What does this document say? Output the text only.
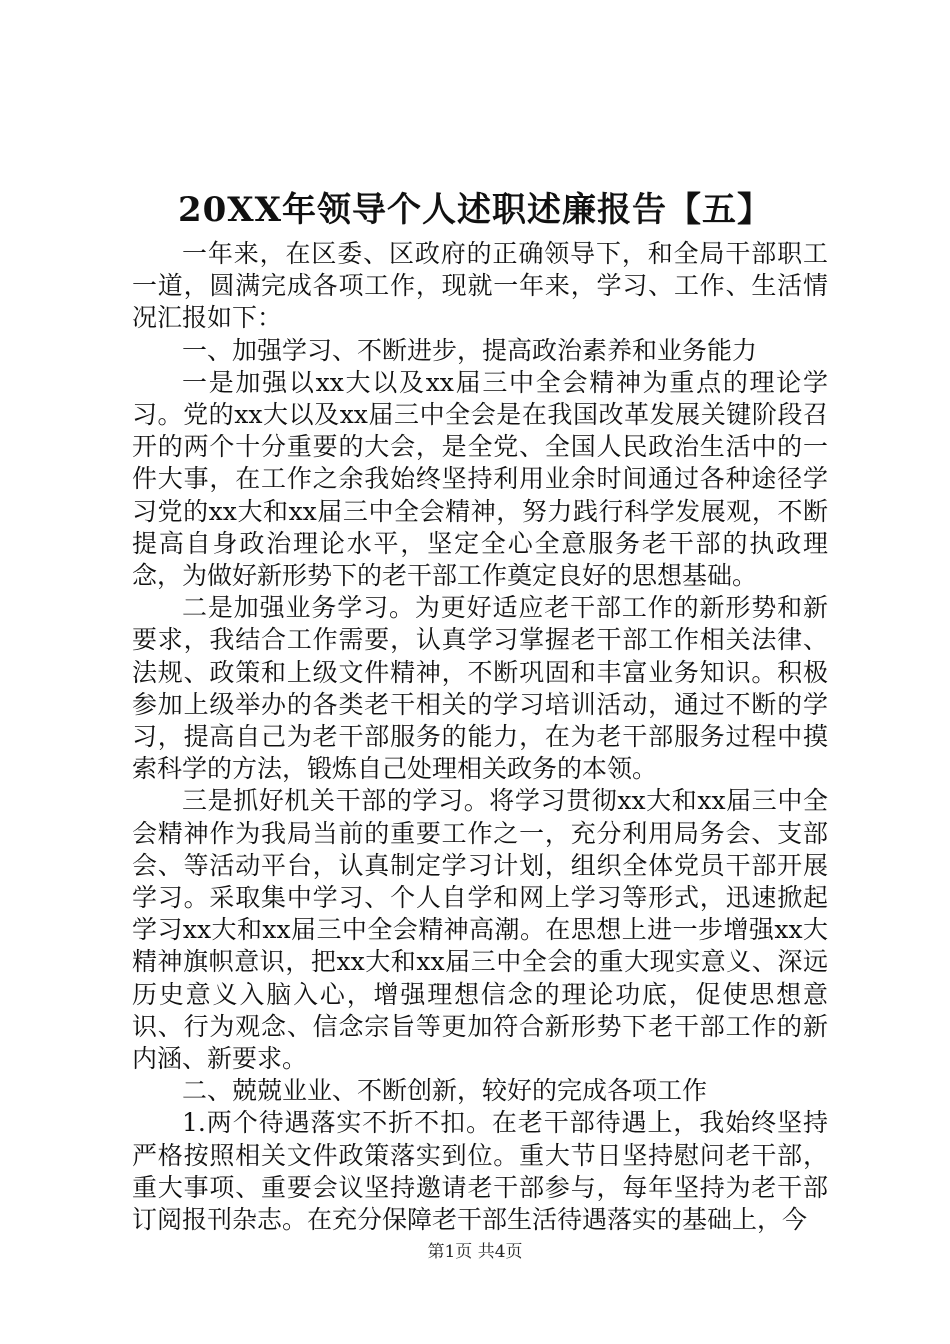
20XX年领导个人述职述廉报告【五】

一年来，在区委、区政府的正确领导下，和全局干部职工一道，圆满完成各项工作，现就一年来，学习、工作、生活情况汇报如下：

一、加强学习、不断进步，提高政治素养和业务能力

一是加强以xx大以及xx届三中全会精神为重点的理论学习。党的xx大以及xx届三中全会是在我国改革发展关键阶段召开的两个十分重要的大会，是全党、全国人民政治生活中的一件大事，在工作之余我始终坚持利用业余时间通过各种途径学习党的xx大和xx届三中全会精神，努力践行科学发展观，不断提高自身政治理论水平，坚定全心全意服务老干部的执政理念，为做好新形势下的老干部工作奠定良好的思想基础。

二是加强业务学习。为更好适应老干部工作的新形势和新要求，我结合工作需要，认真学习掌握老干部工作相关法律、法规、政策和上级文件精神，不断巩固和丰富业务知识。积极参加上级举办的各类老干相关的学习培训活动，通过不断的学习，提高自己为老干部服务的能力，在为老干部服务过程中摸索科学的方法，锻炼自己处理相关政务的本领。

三是抓好机关干部的学习。将学习贯彻xx大和xx届三中全会精神作为我局当前的重要工作之一，充分利用局务会、支部会、等活动平台，认真制定学习计划，组织全体党员干部开展学习。采取集中学习、个人自学和网上学习等形式，迅速掀起学习xx大和xx届三中全会精神高潮。在思想上进一步增强xx大精神旗帜意识，把xx大和xx届三中全会的重大现实意义、深远历史意义入脑入心，增强理想信念的理论功底，促使思想意识、行为观念、信念宗旨等更加符合新形势下老干部工作的新内涵、新要求。

二、兢兢业业、不断创新，较好的完成各项工作

1.两个待遇落实不折不扣。在老干部待遇上，我始终坚持严格按照相关文件政策落实到位。重大节日坚持慰问老干部，重大事项、重要会议坚持邀请老干部参与，每年坚持为老干部订阅报刊杂志。在充分保障老干部生活待遇落实的基础上，今

第1页 共4页
